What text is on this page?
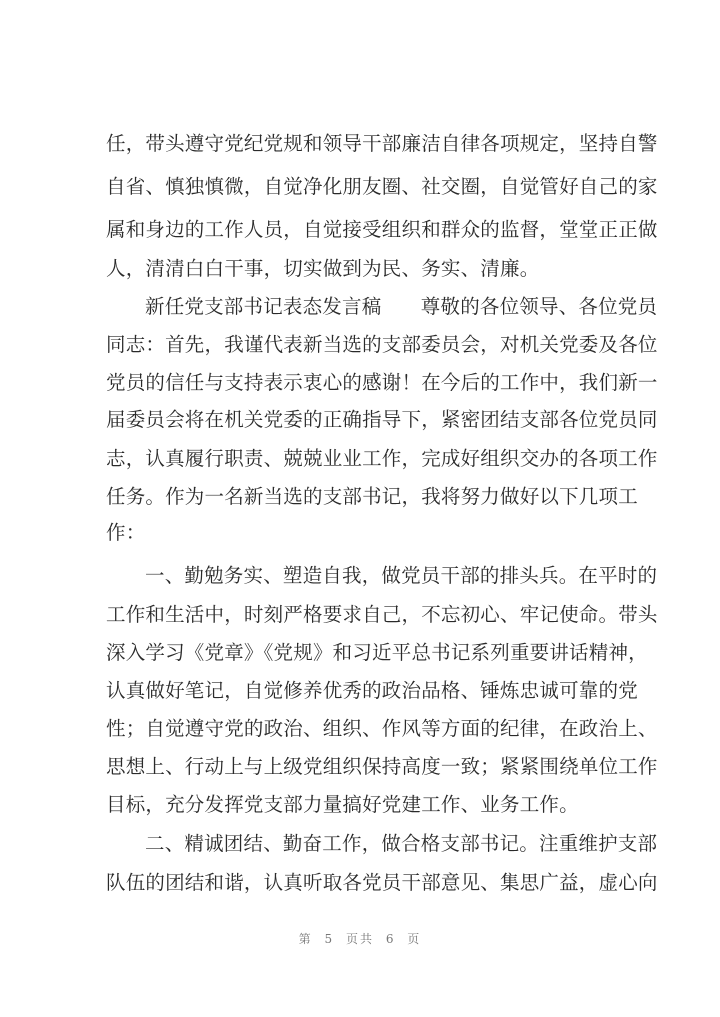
任，带头遵守党纪党规和领导干部廉洁自律各项规定，坚持自警
自省、慎独慎微，自觉净化朋友圈、社交圈，自觉管好自己的家
属和身边的工作人员，自觉接受组织和群众的监督，堂堂正正做
人，清清白白干事，切实做到为民、务实、清廉。
新任党支部书记表态发言稿　　尊敬的各位领导、各位党员
同志：首先，我谨代表新当选的支部委员会，对机关党委及各位
党员的信任与支持表示衷心的感谢！在今后的工作中，我们新一
届委员会将在机关党委的正确指导下，紧密团结支部各位党员同
志，认真履行职责、兢兢业业工作，完成好组织交办的各项工作
任务。作为一名新当选的支部书记，我将努力做好以下几项工
作：
一、勤勉务实、塑造自我，做党员干部的排头兵。在平时的
工作和生活中，时刻严格要求自己，不忘初心、牢记使命。带头
深入学习《党章》《党规》和习近平总书记系列重要讲话精神，
认真做好笔记，自觉修养优秀的政治品格、锤炼忠诚可靠的党
性；自觉遵守党的政治、组织、作风等方面的纪律，在政治上、
思想上、行动上与上级党组织保持高度一致；紧紧围绕单位工作
目标，充分发挥党支部力量搞好党建工作、业务工作。
二、精诚团结、勤奋工作，做合格支部书记。注重维护支部
队伍的团结和谐，认真听取各党员干部意见、集思广益，虚心向
第 5 页共 6 页
